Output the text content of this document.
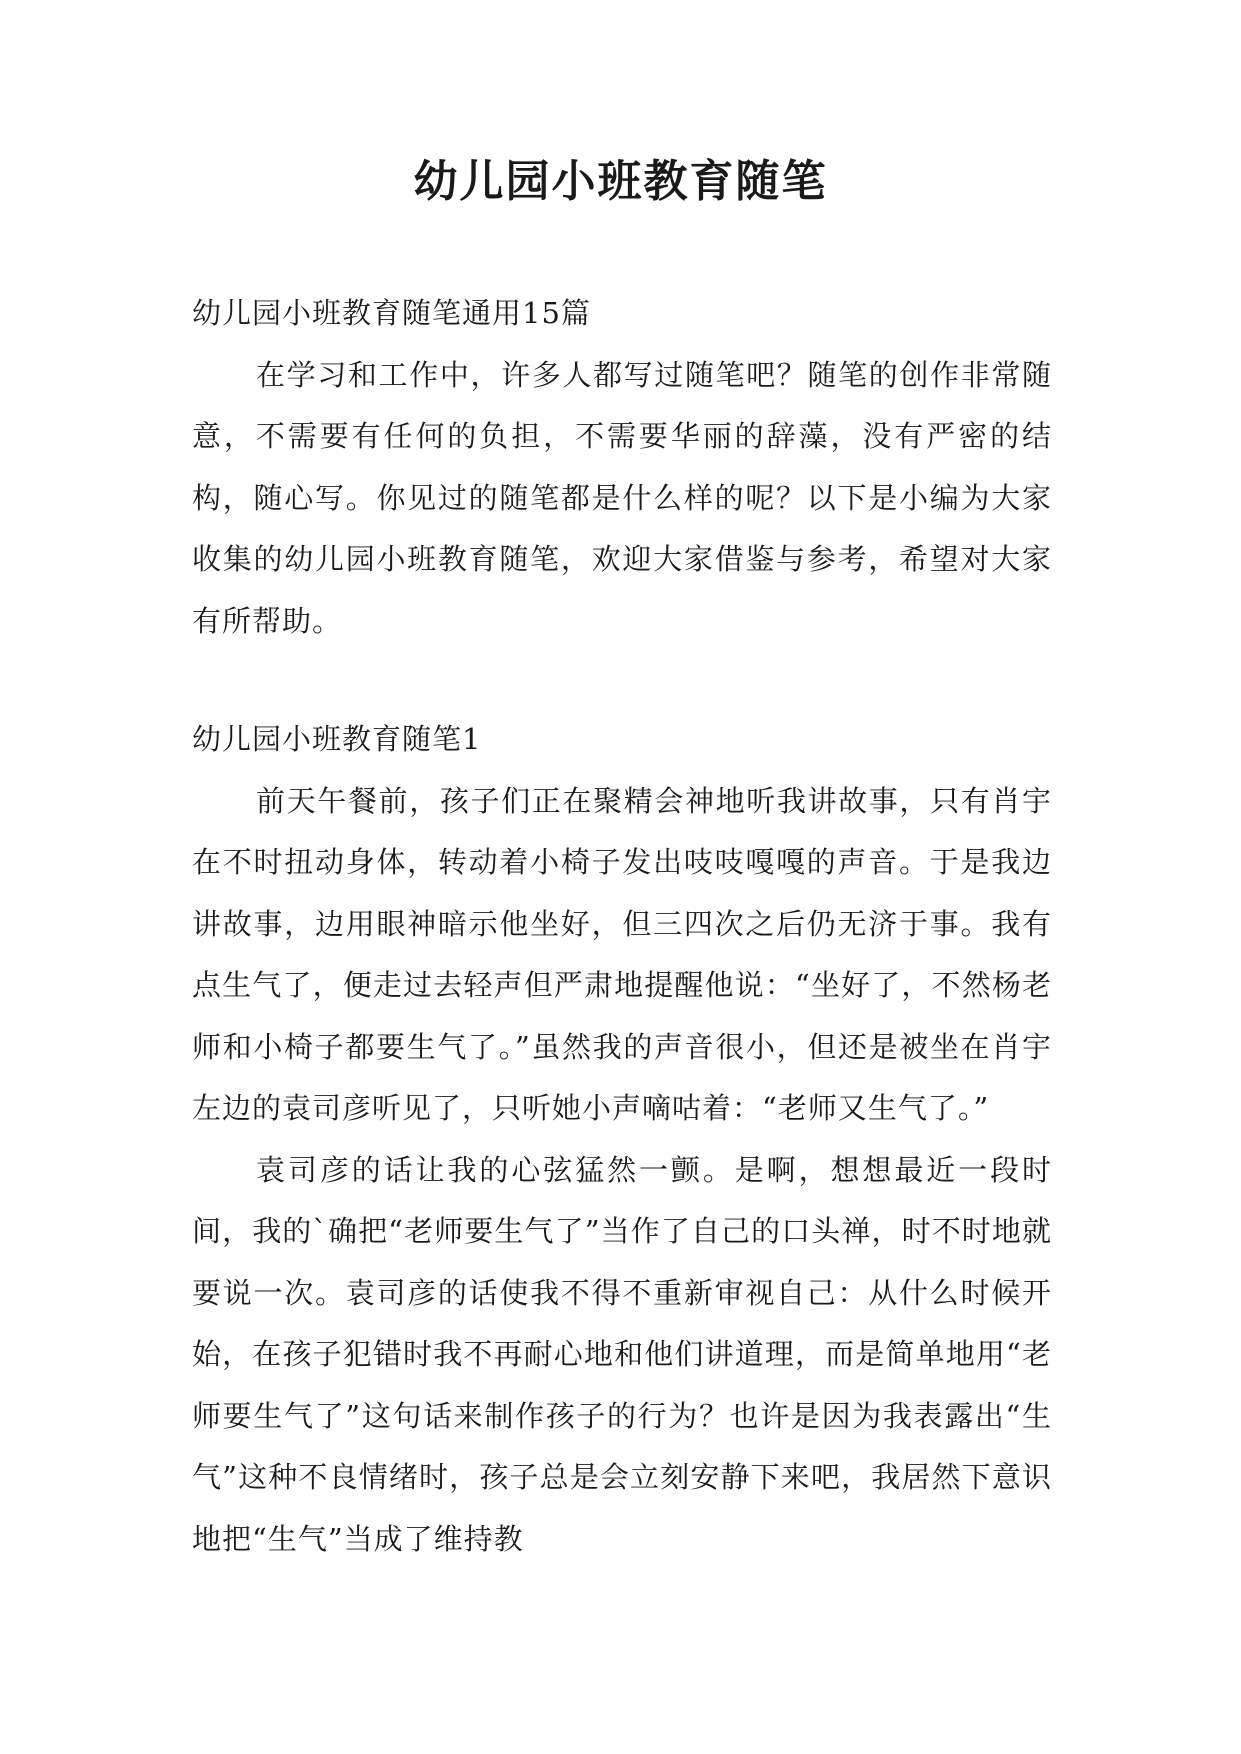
幼儿园小班教育随笔

幼儿园小班教育随笔通用15篇

在学习和工作中，许多人都写过随笔吧？随笔的创作非常随意，不需要有任何的负担，不需要华丽的辞藻，没有严密的结构，随心写。你见过的随笔都是什么样的呢？以下是小编为大家收集的幼儿园小班教育随笔，欢迎大家借鉴与参考，希望对大家有所帮助。

幼儿园小班教育随笔1

前天午餐前，孩子们正在聚精会神地听我讲故事，只有肖宇在不时扭动身体，转动着小椅子发出吱吱嘎嘎的声音。于是我边讲故事，边用眼神暗示他坐好，但三四次之后仍无济于事。我有点生气了，便走过去轻声但严肃地提醒他说：“坐好了，不然杨老师和小椅子都要生气了。”虽然我的声音很小，但还是被坐在肖宇左边的袁司彦听见了，只听她小声嘀咕着：“老师又生气了。”

袁司彦的话让我的心弦猛然一颤。是啊，想想最近一段时间，我的`确把“老师要生气了”当作了自己的口头禅，时不时地就要说一次。袁司彦的话使我不得不重新审视自己：从什么时候开始，在孩子犯错时我不再耐心地和他们讲道理，而是简单地用“老师要生气了”这句话来制作孩子的行为？也许是因为我表露出“生气”这种不良情绪时，孩子总是会立刻安静下来吧，我居然下意识地把“生气”当成了维持教
